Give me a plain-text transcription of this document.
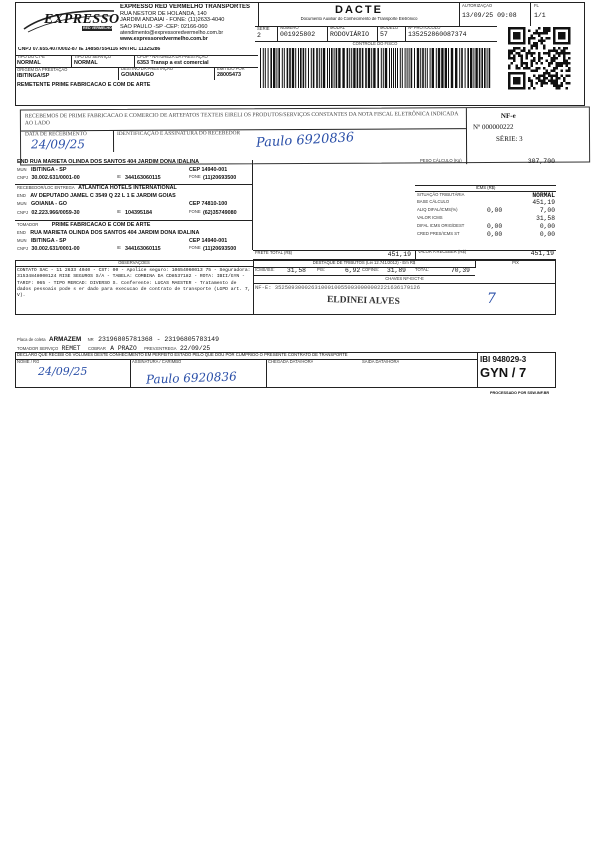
EXPRESSO
RED VERMELHO
EXPRESSO RED VERMELHO TRANSPORTES
RUA NESTOR DE HOLANDA, 140
JARDIM ANDAIAI - FONE: (11)2633-4040
SAO PAULO -SP -CEP: 02166-060
atendimento@expressoredvermelho.com.br
www.expressoredvermelho.com.br
CNPJ 07.655.407/0002-87 IE 148587554116 RNTRC 11325286
DACTE
Documento Auxiliar do Conhecimento de Transporte Eletrônico
AUTORIZAÇÃO
13/09/25 09:08
FL
1/1
SÉRIE
2
NUMERO
001925802
MODAL
RODOVIÁRIO
MODELO
57
Nº PROTOCOLO
135252860087374
CONTROLE DO FISCO
TIPO DO CT-E
NORMAL
TIPO DO SERVIÇO
NORMAL
CFOP - NATUREZA DA PRESTAÇÃO
6353 Transp a est comercial
ORIGEM DA PRESTAÇÃO
IBITINGA/SP
DESTINO DA PRESTAÇÃO
GOIANIA/GO
EMITIDO POR
28005473
REMETENTE PRIME FABRICACAO E COM DE ARTE
RECEBEMOS DE PRIME FABRICACAO E COMERCIO DE ARTEFATOS TEXTEIS EIRELI OS PRODUTOS/SERVIÇOS CONSTANTES DA NOTA FISCAL ELETRÔNICA INDICADA AO LADO
DATA DE RECEBIMENTO	IDENTIFICAÇÃO E ASSINATURA DO RECEBEDOR
24/09/25	Paulo 6920836
NF-e
Nº 000000222
SÉRIE: 3
END RUA MARIETA OLINDA DOS SANTOS 404 JARDIM DONA IDALINA
MUN IBITINGA - SP	CEP 14940-001
CNPJ 30.002.631/0001-00	IE 344163060115	FONE (11)20693500
RECEBEDOR/LOC ENTREGA ATLANTICA HOTELS INTERNATIONAL
END AV DEPUTADO JAMEL C 3549 Q 22 L 1 E JARDIM GOIAS
MUN GOIANIA - GO	CEP 74810-100
CNPJ 02.223.966/0059-30	IE 104395184	FONE (62)35749080
TOMADOR PRIME FABRICACAO E COM DE ARTE
END RUA MARIETA OLINDA DOS SANTOS 404 JARDIM DONA IDALINA
MUN IBITINGA - SP	CEP 14940-001
CNPJ 30.002.631/0001-00	IE 344163060115	FONE (11)20693500
PESO CÁLCULO (Kg)	307,700
ICMS (R$)
SITUAÇÃO TRIBUTÁRIA	NORMAL
BASE CÁLCULO	451,19
ALIQ DIFAL/ICMS(%)	0,00	7,00
VALOR ICMS	31,58
DIFAL ICMS ORIG/DEST	0,00	0,00
CRED PRES/ICMS ST	0,00	0,00
FRETE TOTAL (R$)	451,19	VALOR A RECEBER (R$)	451,19
OBSERVAÇÕES
CONTATO SAC - 11 2633 4040 - CST: 00 - Apolice seguro: 10654060013 75 - Seguradora: 31534848000124 RISE SEGUROS S/A - TABELA: COMBINA DA CD8537182 - ROTA: IBII/GYN - TARIF: 065 - TIPO MERCAD: DIVERSO S. Conferente: LUCAS MAESTER - Tratamento de dados pessoais pode s er dado para execucao de contrato de transporte (LGPD art. 7, V).
DESTAQUE DE TRIBUTOS (Lei 12.741/2012) - Em R$	PIX
ICMS/ISS: 31,58	PIS:	6,92 COFINS: 31,89 TOTAL:	70,39
CHAVES NF-E/CT-E
NF-E: 35250930002631000100550030000002221636179126
ELDINEI ALVES	7
Placa de coleta ARMAZEM NR 23196805781368 - 23196805783149
TOMADOR SERVIÇO REMET COBRAR A PRAZO PREV.ENTREGA 22/09/25
DECLARO QUE RECEBI OS VOLUMES DESTE CONHECIMENTO EM PERFEITO ESTADO PELO QUE DOU POR CUMPRIDO O PRESENTE CONTRATO DE TRANSPORTE
NOME / RG	ASSINATURA / CARIMBO	CHEGADA DATA/HORA	SAÍDA DATA/HORA	IBI 948029-3
GYN / 7
24/09/25	Paulo 6920836
PROCESSADO POR SSW.INF.BR
